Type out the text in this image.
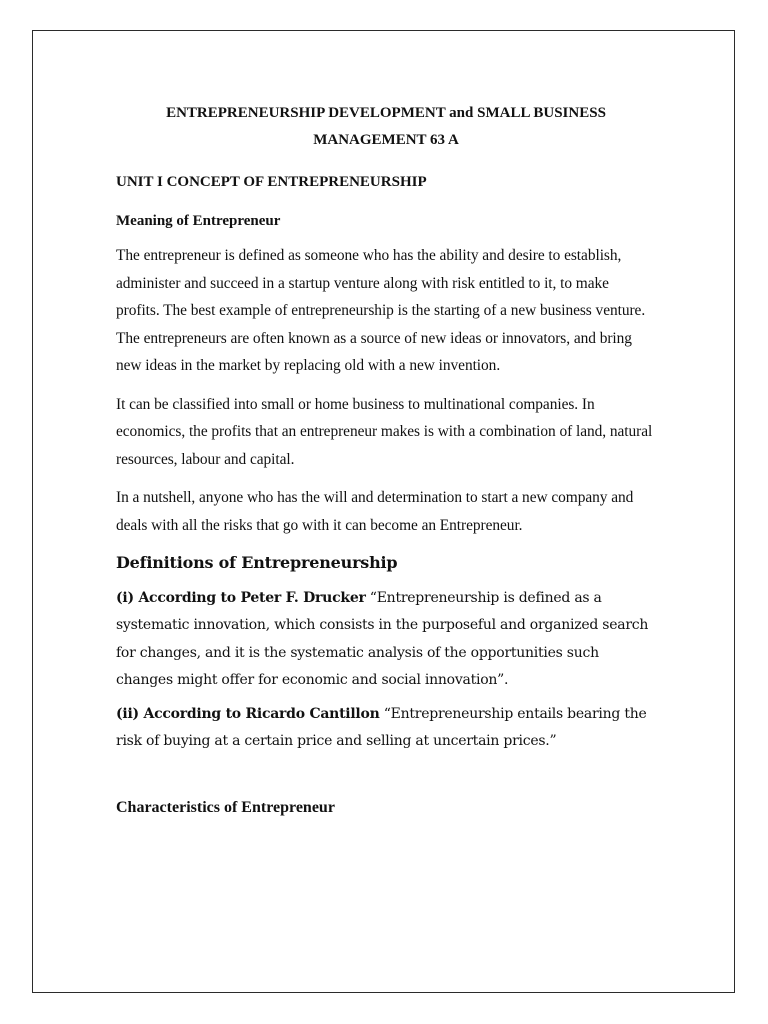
ENTREPRENEURSHIP DEVELOPMENT and SMALL BUSINESS
MANAGEMENT 63 A
UNIT I CONCEPT OF ENTREPRENEURSHIP
Meaning of Entrepreneur

The entrepreneur is defined as someone who has the ability and desire to establish, administer and succeed in a startup venture along with risk entitled to it, to make profits. The best example of entrepreneurship is the starting of a new business venture. The entrepreneurs are often known as a source of new ideas or innovators, and bring new ideas in the market by replacing old with a new invention.

It can be classified into small or home business to multinational companies. In economics, the profits that an entrepreneur makes is with a combination of land, natural resources, labour and capital.

In a nutshell, anyone who has the will and determination to start a new company and deals with all the risks that go with it can become an Entrepreneur.

Definitions of Entrepreneurship

(i) According to Peter F. Drucker “Entrepreneurship is defined as a systematic innovation, which consists in the purposeful and organized search for changes, and it is the systematic analysis of the opportunities such changes might offer for economic and social innovation”.

(ii) According to Ricardo Cantillon “Entrepreneurship entails bearing the risk of buying at a certain price and selling at uncertain prices.”

Characteristics of Entrepreneur
